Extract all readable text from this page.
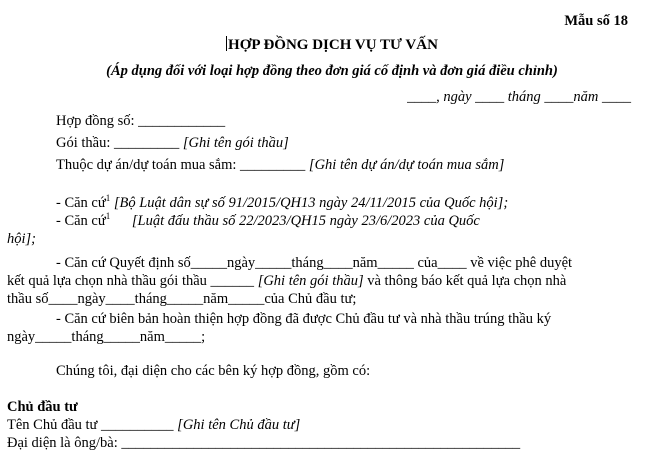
Mẫu số 18
HỢP ĐỒNG DỊCH VỤ TƯ VẤN
(Áp dụng đối với loại hợp đồng theo đơn giá cố định và đơn giá điều chỉnh)
____, ngày ____ tháng ____năm ____
Hợp đồng số: ____________
Gói thầu: _________ [Ghi tên gói thầu]
Thuộc dự án/dự toán mua sắm: _________ [Ghi tên dự án/dự toán mua sắm]
- Căn cứ$^1$ [Bộ Luật dân sự số 91/2015/QH13 ngày 24/11/2015 của Quốc hội];
- Căn cứ$^1$ [Luật đấu thầu số 22/2023/QH15 ngày 23/6/2023 của Quốc
hội];
- Căn cứ Quyết định số_____ngày_____tháng____năm_____ của____ về việc phê duyệt
kết quả lựa chọn nhà thầu gói thầu ______ [Ghi tên gói thầu] và thông báo kết quả lựa chọn nhà
thầu số____ngày____tháng_____năm_____của Chủ đầu tư;
- Căn cứ biên bản hoàn thiện hợp đồng đã được Chủ đầu tư và nhà thầu trúng thầu ký
ngày_____tháng_____năm_____;
Chúng tôi, đại diện cho các bên ký hợp đồng, gồm có:
Chủ đầu tư
Tên Chủ đầu tư __________ [Ghi tên Chủ đầu tư]
Đại diện là ông/bà: _______________________________________________________
